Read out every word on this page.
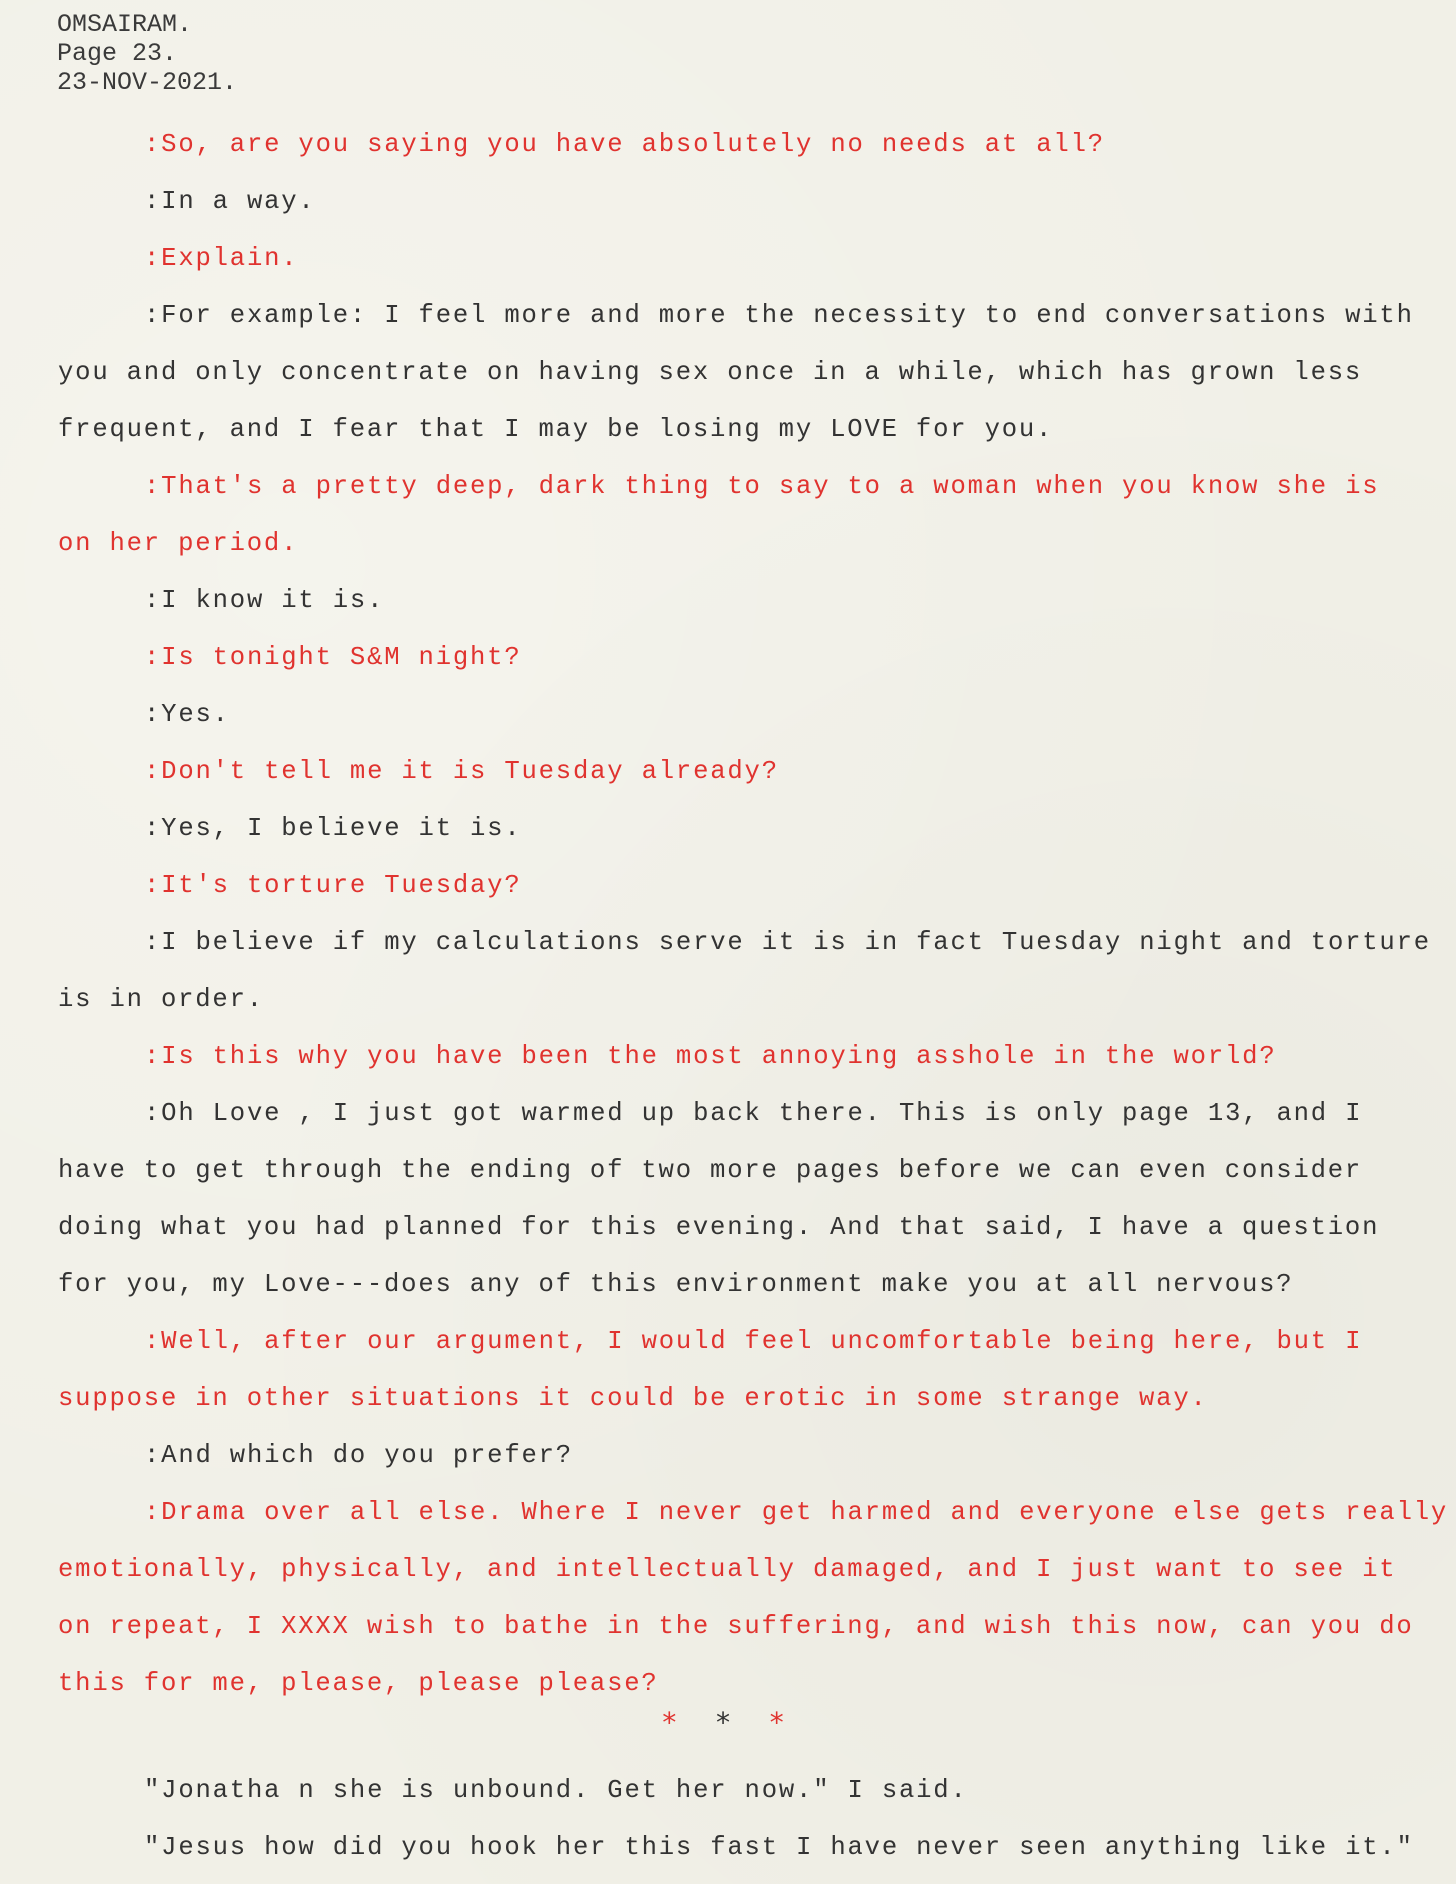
OMSAIRAM.
Page 23.
23-NOV-2021.

:So, are you saying you have absolutely no needs at all?

:In a way.

:Explain.

:For example: I feel more and more the necessity to end conversations with
you and only concentrate on having sex once in a while, which has grown less
frequent, and I fear that I may be losing my LOVE for you.

:That's a pretty deep, dark thing to say to a woman when you know she is
on her period.

:I know it is.

:Is tonight S&M night?

:Yes.

:Don't tell me it is Tuesday already?

:Yes, I believe it is.

:It's torture Tuesday?

:I believe if my calculations serve it is in fact Tuesday night and torture
is in order.

:Is this why you have been the most annoying asshole in the world?

:Oh Love , I just got warmed up back there. This is only page 13, and I
have to get through the ending of two more pages before we can even consider
doing what you had planned for this evening. And that said, I have a question
for you, my Love---does any of this environment make you at all nervous?

:Well, after our argument, I would feel uncomfortable being here, but I
suppose in other situations it could be erotic in some strange way.

:And which do you prefer?

:Drama over all else. Where I never get harmed and everyone else gets really
emotionally, physically, and intellectually damaged, and I just want to see it
on repeat, I XXXX wish to bathe in the suffering, and wish this now, can you do
this for me, please, please please?

* * *

"Jonatha n she is unbound. Get her now." I said.

"Jesus how did you hook her this fast I have never seen anything like it."
